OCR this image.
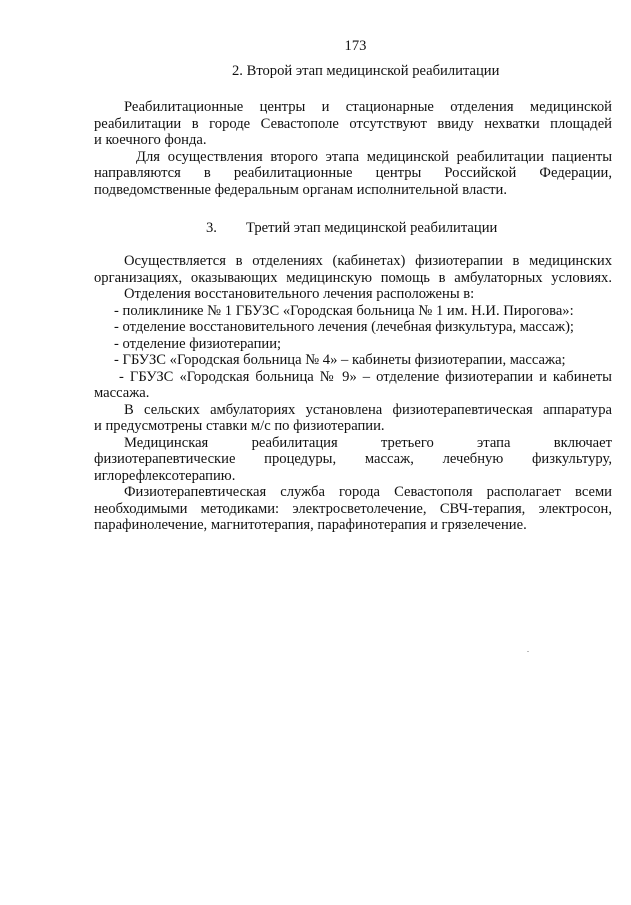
173
2. Второй этап медицинской реабилитации
Реабилитационные центры и стационарные отделения медицинской
реабилитации в городе Севастополе отсутствуют ввиду нехватки площадей
и коечного фонда.
Для осуществления второго этапа медицинской реабилитации пациенты
направляются в реабилитационные центры Российской Федерации,
подведомственные федеральным органам исполнительной власти.
3. Третий этап медицинской реабилитации
Осуществляется в отделениях (кабинетах) физиотерапии в медицинских
организациях, оказывающих медицинскую помощь в амбулаторных условиях.
Отделения восстановительного лечения расположены в:
- поликлинике № 1 ГБУЗС «Городская больница № 1 им. Н.И. Пирогова»:
- отделение восстановительного лечения (лечебная физкультура, массаж);
- отделение физиотерапии;
- ГБУЗС «Городская больница № 4» – кабинеты физиотерапии, массажа;
- ГБУЗС «Городская больница № 9» – отделение физиотерапии и кабинеты
массажа.
В сельских амбулаториях установлена физиотерапевтическая аппаратура
и предусмотрены ставки м/с по физиотерапии.
Медицинская реабилитация третьего этапа включает
физиотерапевтические процедуры, массаж, лечебную физкультуру,
иглорефлексотерапию.
Физиотерапевтическая служба города Севастополя располагает всеми
необходимыми методиками: электросветолечение, СВЧ-терапия, электросон,
парафинолечение, магнитотерапия, парафинотерапия и грязелечение.
